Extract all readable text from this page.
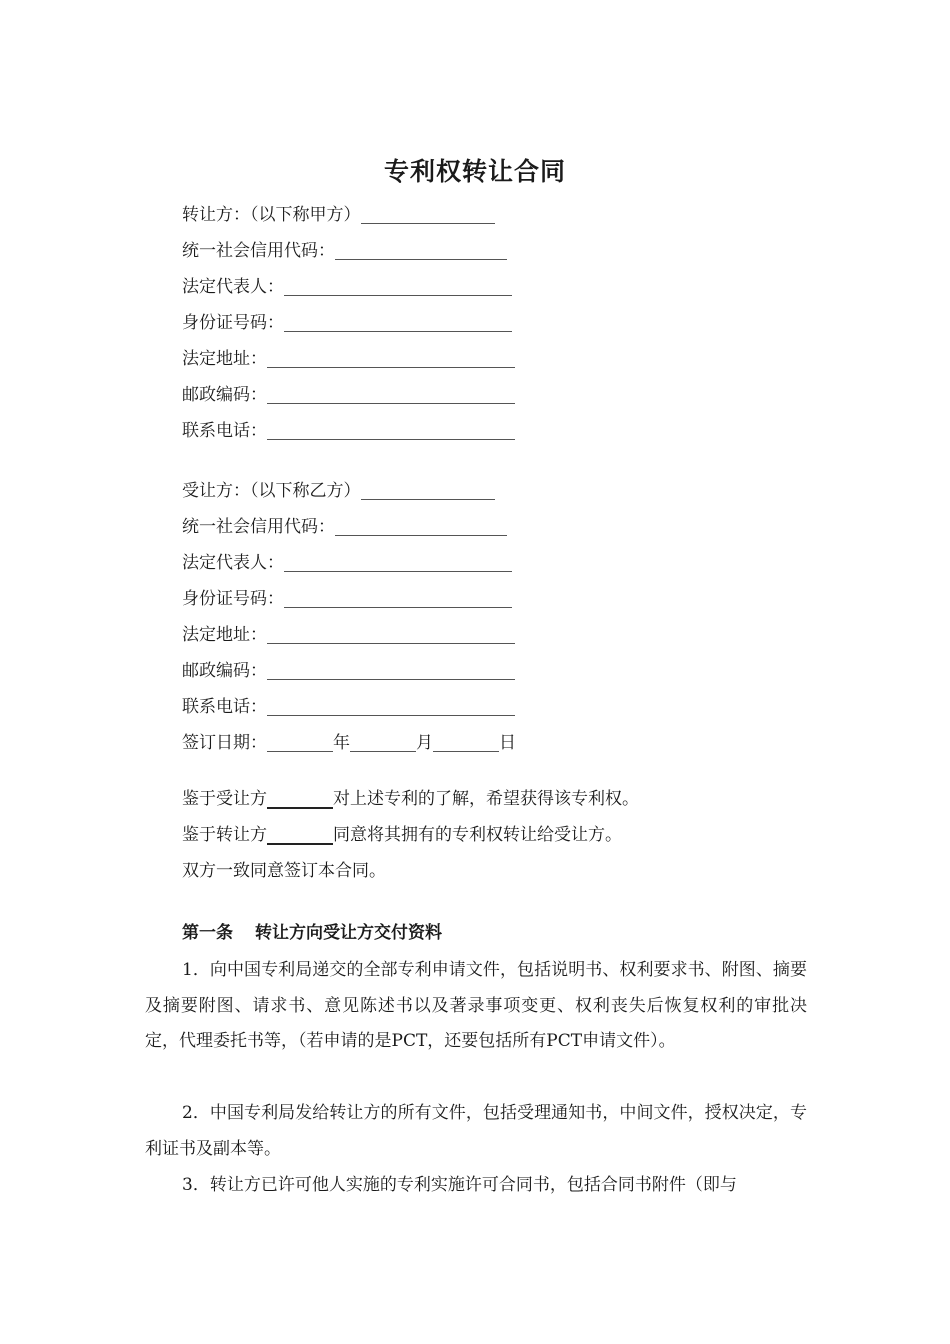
专利权转让合同
转让方：（以下称甲方）
统一社会信用代码：
法定代表人：
身份证号码：
法定地址：
邮政编码：
联系电话：
受让方：（以下称乙方）
统一社会信用代码：
法定代表人：
身份证号码：
法定地址：
邮政编码：
联系电话：
签订日期：	年	月	日
鉴于受让方	对上述专利的了解，希望获得该专利权。
鉴于转让方	同意将其拥有的专利权转让给受让方。
双方一致同意签订本合同。
第一条 转让方向受让方交付资料

1．向中国专利局递交的全部专利申请文件，包括说明书、权利要求书、附图、摘要及摘要附图、请求书、意见陈述书以及著录事项变更、权利丧失后恢复权利的审批决定，代理委托书等，（若申请的是PCT，还要包括所有PCT申请文件）。

2．中国专利局发给转让方的所有文件，包括受理通知书，中间文件，授权决定，专利证书及副本等。

3．转让方已许可他人实施的专利实施许可合同书，包括合同书附件（即与
